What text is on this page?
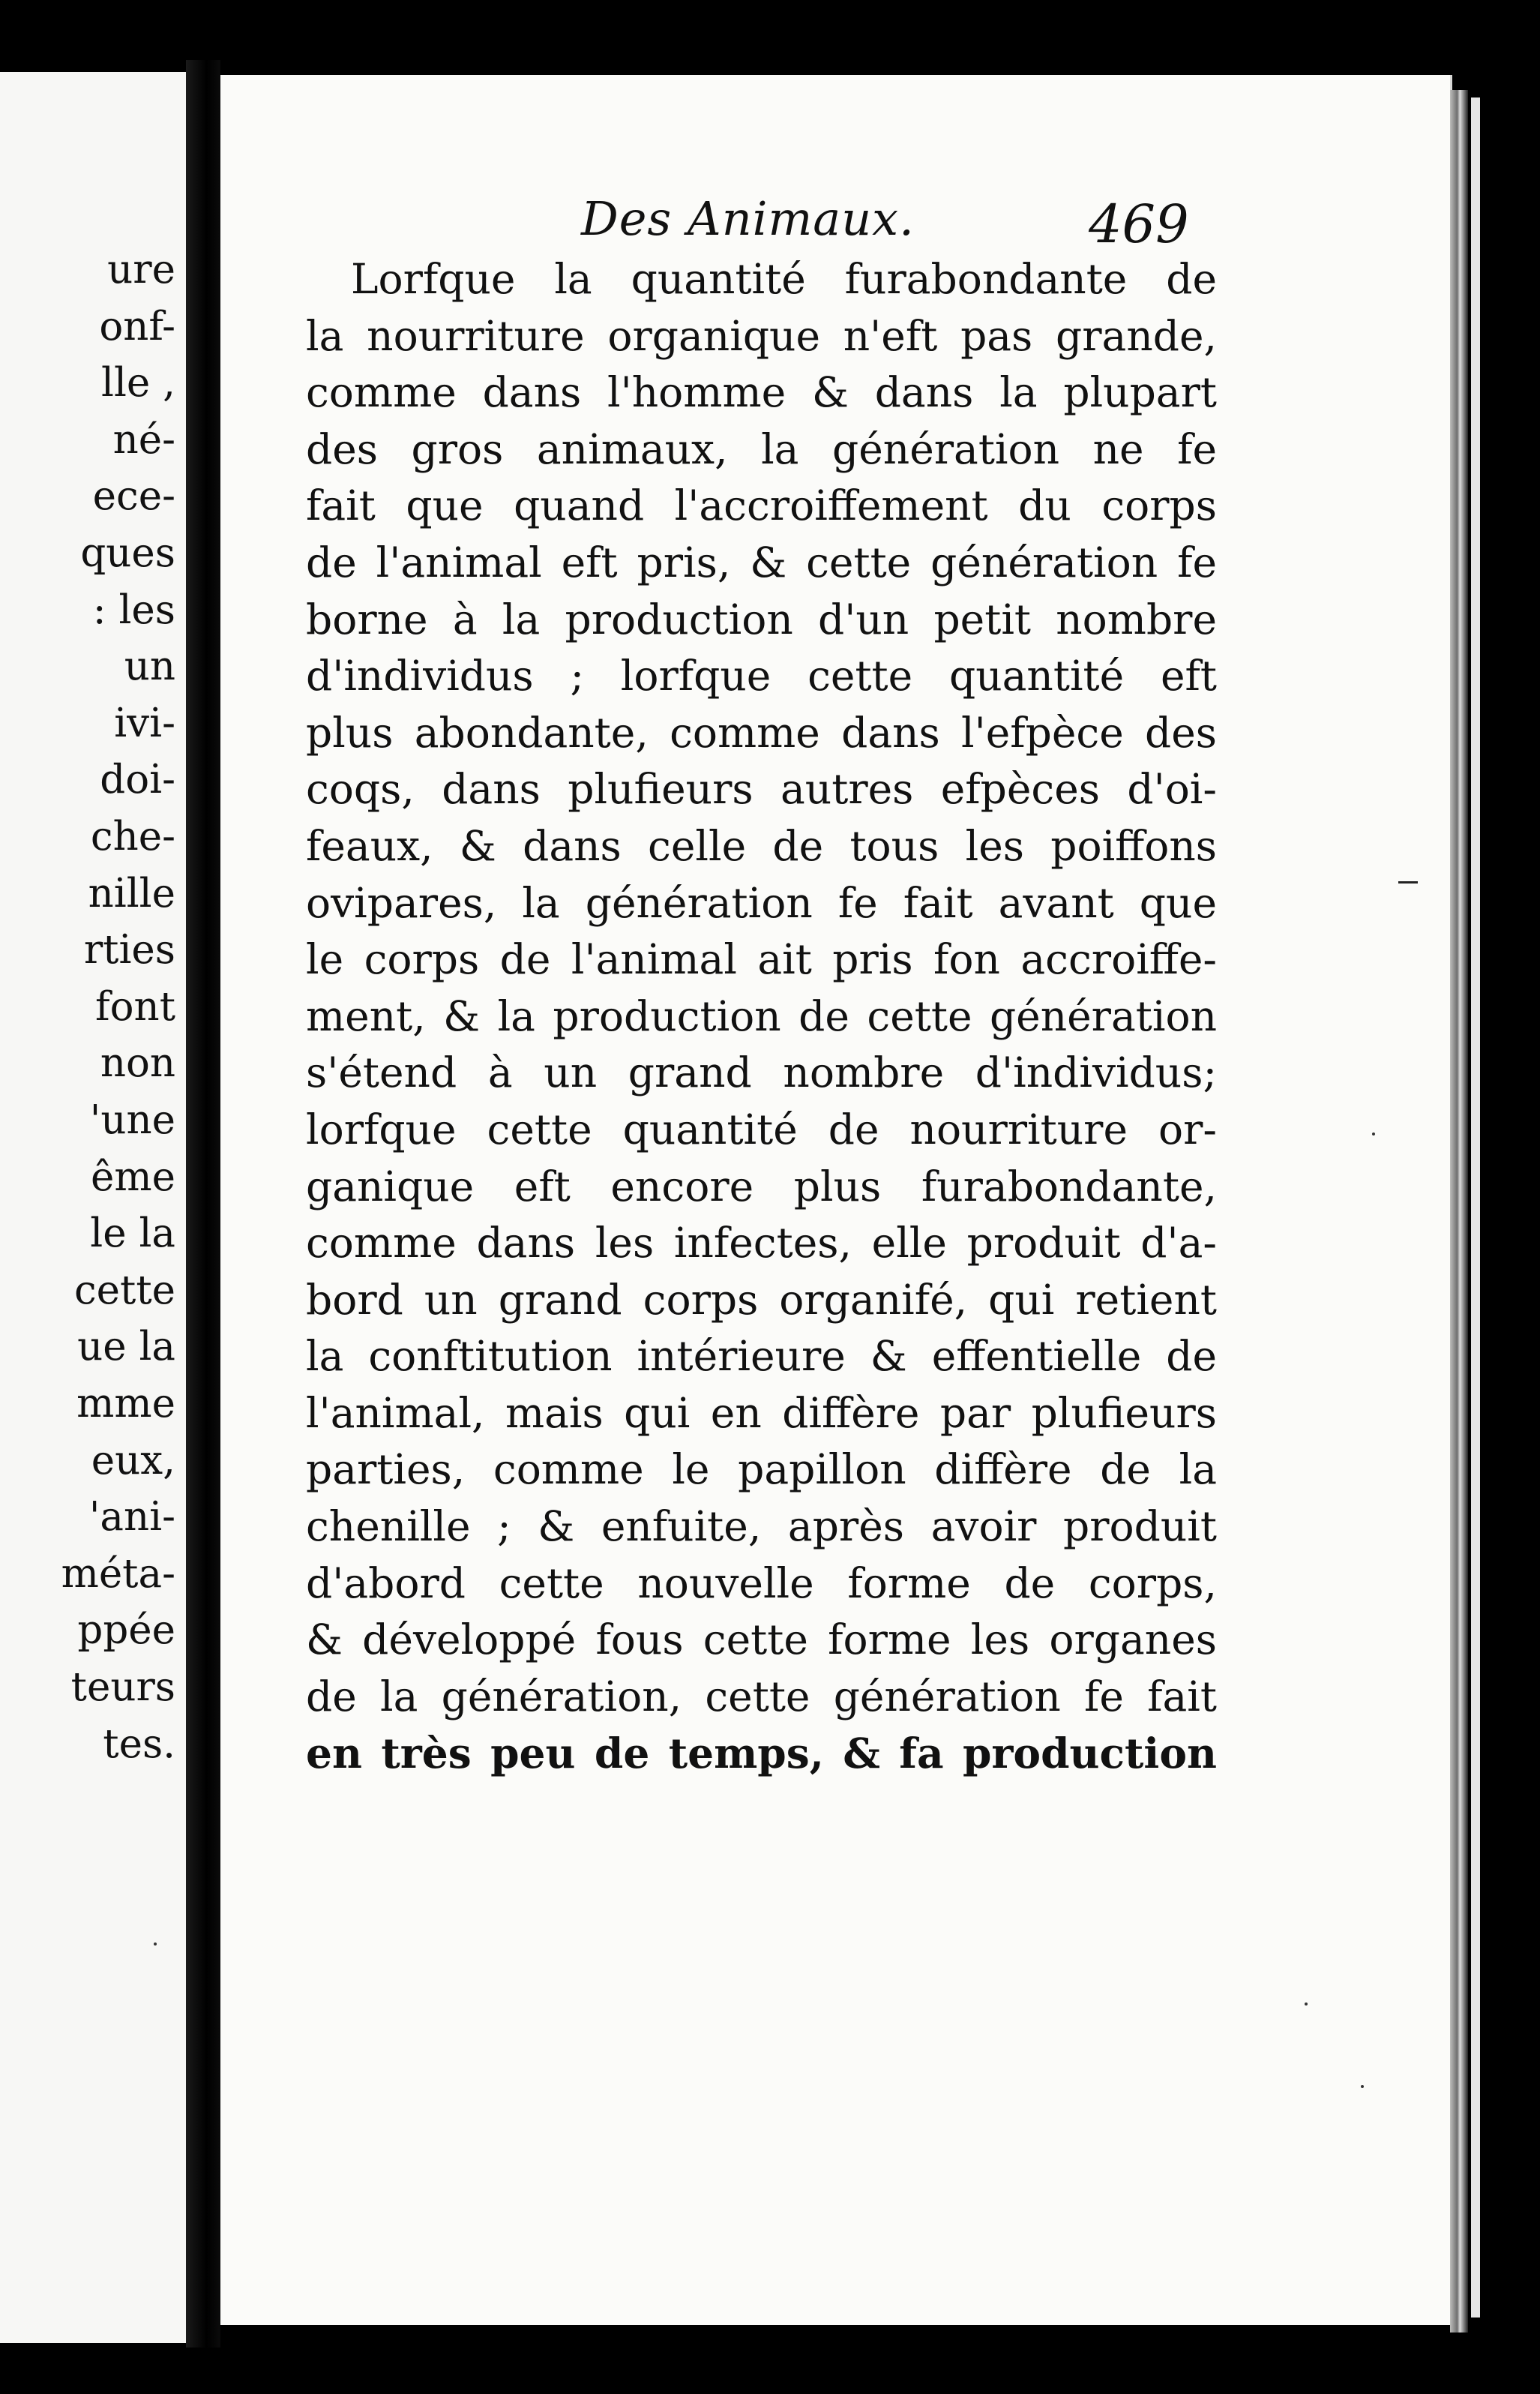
ure
onf-
lle ,
né-
ece-
ques
: les
un
ivi-
doi-
che-
nille
rties
font
non
'une
ême
le la
cette
ue la
mme
eux,
'ani-
méta-
ppée
teurs
tes.
Des Animaux.	469
Lorfque la quantité furabondante de
la nourriture organique n'eft pas grande,
comme dans l'homme & dans la plupart
des gros animaux, la génération ne fe
fait que quand l'accroiffement du corps
de l'animal eft pris, & cette génération fe
borne à la production d'un petit nombre
d'individus ; lorfque cette quantité eft
plus abondante, comme dans l'efpèce des
coqs, dans plufieurs autres efpèces d'oi-
feaux, & dans celle de tous les poiffons
ovipares, la génération fe fait avant que
le corps de l'animal ait pris fon accroiffe-
ment, & la production de cette génération
s'étend à un grand nombre d'individus;
lorfque cette quantité de nourriture or-
ganique eft encore plus furabondante,
comme dans les infectes, elle produit d'a-
bord un grand corps organifé, qui retient
la conftitution intérieure & effentielle de
l'animal, mais qui en diffère par plufieurs
parties, comme le papillon diffère de la
chenille ; & enfuite, après avoir produit
d'abord cette nouvelle forme de corps,
& développé fous cette forme les organes
de la génération, cette génération fe fait
en très peu de temps, & fa production
